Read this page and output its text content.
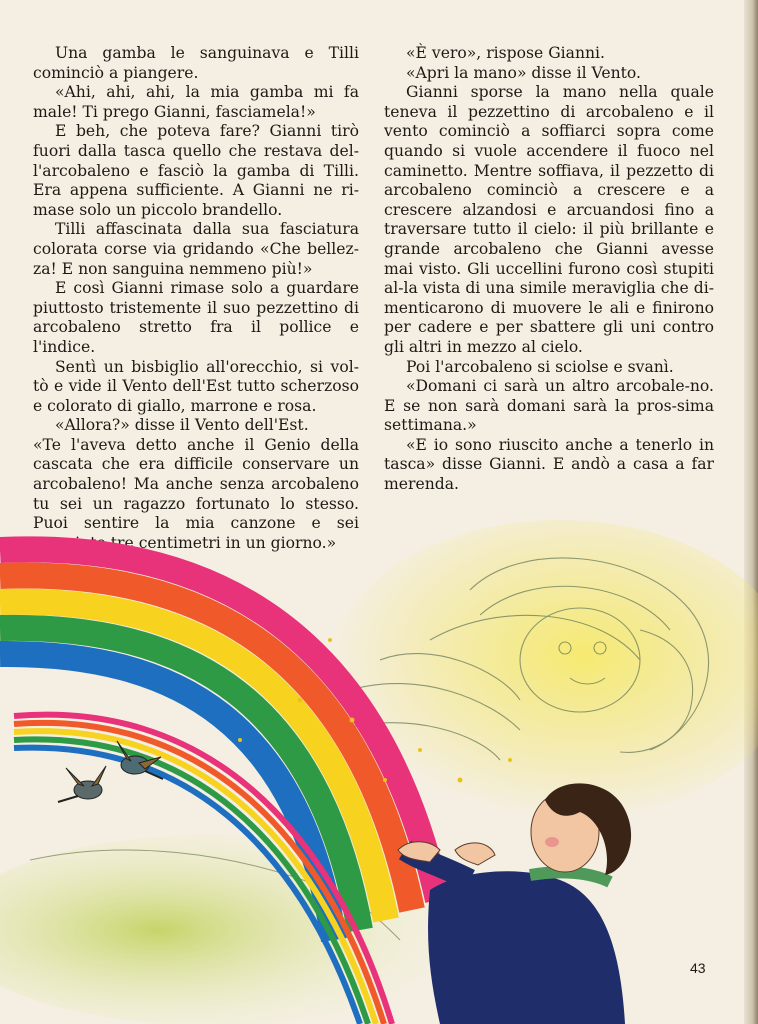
Una gamba le sanguinava e Tilli cominciò a piangere.

«Ahi, ahi, ahi, la mia gamba mi fa male! Ti prego Gianni, fasciamela!»

E beh, che poteva fare? Gianni tirò fuori dalla tasca quello che restava del-l'arcobaleno e fasciò la gamba di Tilli. Era appena sufficiente. A Gianni ne ri-mase solo un piccolo brandello.

Tilli affascinata dalla sua fasciatura colorata corse via gridando «Che bellez-za! E non sanguina nemmeno più!»

E così Gianni rimase solo a guardare piuttosto tristemente il suo pezzettino di arcobaleno stretto fra il pollice e l'indice.

Sentì un bisbiglio all'orecchio, si vol-tò e vide il Vento dell'Est tutto scherzoso e colorato di giallo, marrone e rosa.

«Allora?» disse il Vento dell'Est.

«Te l'aveva detto anche il Genio della cascata che era difficile conservare un arcobaleno! Ma anche senza arcobaleno tu sei un ragazzo fortunato lo stesso. Puoi sentire la mia canzone e sei cresciuto tre centimetri in un giorno.»

«È vero», rispose Gianni.

«Apri la mano» disse il Vento.

Gianni sporse la mano nella quale teneva il pezzettino di arcobaleno e il vento cominciò a soffiarci sopra come quando si vuole accendere il fuoco nel caminetto. Mentre soffiava, il pezzetto di arcobaleno cominciò a crescere e a crescere alzandosi e arcuandosi fino a traversare tutto il cielo: il più brillante e grande arcobaleno che Gianni avesse mai visto. Gli uccellini furono così stupiti al-la vista di una simile meraviglia che di-menticarono di muovere le ali e finirono per cadere e per sbattere gli uni contro gli altri in mezzo al cielo.

Poi l'arcobaleno si sciolse e svanì.

«Domani ci sarà un altro arcobale-no. E se non sarà domani sarà la pros-sima settimana.»

«E io sono riuscito anche a tenerlo in tasca» disse Gianni. E andò a casa a far merenda.

43
